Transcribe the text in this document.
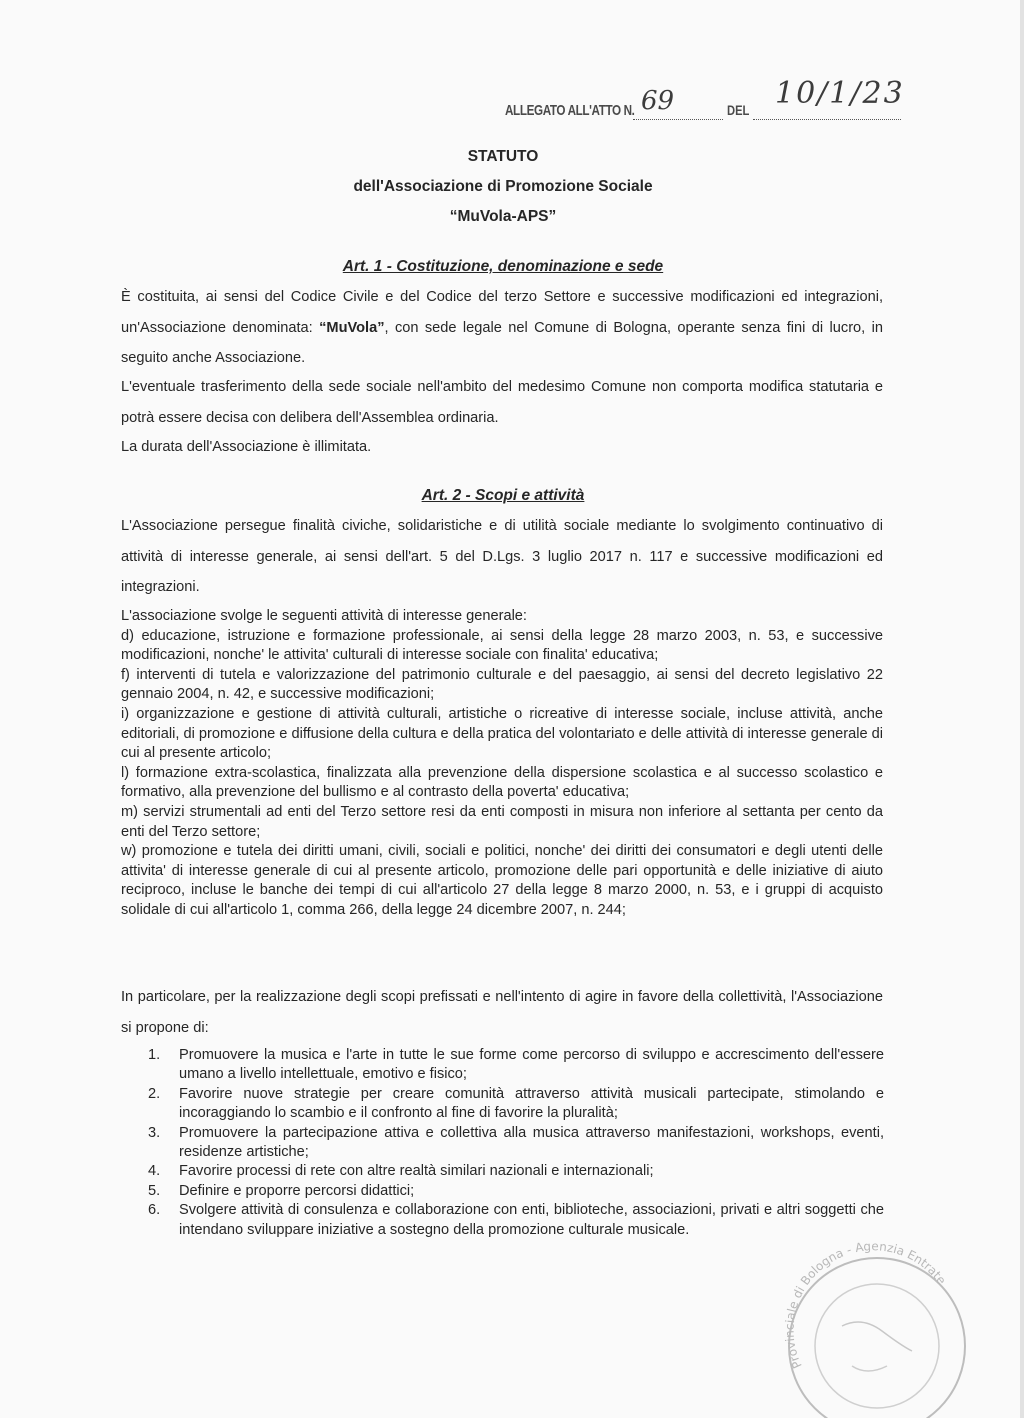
ALLEGATO ALL'ATTO N. 69	DEL 10/1/23
STATUTO
dell'Associazione di Promozione Sociale
“MuVola-APS”
Art. 1 - Costituzione, denominazione e sede
È costituita, ai sensi del Codice Civile e del Codice del terzo Settore e successive modificazioni ed integrazioni, un'Associazione denominata: “MuVola”, con sede legale nel Comune di Bologna, operante senza fini di lucro, in seguito anche Associazione.
L'eventuale trasferimento della sede sociale nell'ambito del medesimo Comune non comporta modifica statutaria e potrà essere decisa con delibera dell'Assemblea ordinaria.
La durata dell'Associazione è illimitata.
Art. 2 - Scopi e attività
L'Associazione persegue finalità civiche, solidaristiche e di utilità sociale mediante lo svolgimento continuativo di attività di interesse generale, ai sensi dell'art. 5 del D.Lgs. 3 luglio 2017 n. 117 e successive modificazioni ed integrazioni.
L'associazione svolge le seguenti attività di interesse generale:
d) educazione, istruzione e formazione professionale, ai sensi della legge 28 marzo 2003, n. 53, e successive modificazioni, nonche' le attivita' culturali di interesse sociale con finalita' educativa;
f) interventi di tutela e valorizzazione del patrimonio culturale e del paesaggio, ai sensi del decreto legislativo 22 gennaio 2004, n. 42, e successive modificazioni;
i) organizzazione e gestione di attività culturali, artistiche o ricreative di interesse sociale, incluse attività, anche editoriali, di promozione e diffusione della cultura e della pratica del volontariato e delle attività di interesse generale di cui al presente articolo;
l) formazione extra-scolastica, finalizzata alla prevenzione della dispersione scolastica e al successo scolastico e formativo, alla prevenzione del bullismo e al contrasto della poverta' educativa;
m) servizi strumentali ad enti del Terzo settore resi da enti composti in misura non inferiore al settanta per cento da enti del Terzo settore;
w) promozione e tutela dei diritti umani, civili, sociali e politici, nonche' dei diritti dei consumatori e degli utenti delle attivita' di interesse generale di cui al presente articolo, promozione delle pari opportunità e delle iniziative di aiuto reciproco, incluse le banche dei tempi di cui all'articolo 27 della legge 8 marzo 2000, n. 53, e i gruppi di acquisto solidale di cui all'articolo 1, comma 266, della legge 24 dicembre 2007, n. 244;
In particolare, per la realizzazione degli scopi prefissati e nell'intento di agire in favore della collettività, l'Associazione si propone di:
1. Promuovere la musica e l'arte in tutte le sue forme come percorso di sviluppo e accrescimento dell'essere umano a livello intellettuale, emotivo e fisico;
2. Favorire nuove strategie per creare comunità attraverso attività musicali partecipate, stimolando e incoraggiando lo scambio e il confronto al fine di favorire la pluralità;
3. Promuovere la partecipazione attiva e collettiva alla musica attraverso manifestazioni, workshops, eventi, residenze artistiche;
4. Favorire processi di rete con altre realtà similari nazionali e internazionali;
5. Definire e proporre percorsi didattici;
6. Svolgere attività di consulenza e collaborazione con enti, biblioteche, associazioni, privati e altri soggetti che intendano sviluppare iniziative a sostegno della promozione culturale musicale.
Provinciale di Bologna - Agenzia Entrate
